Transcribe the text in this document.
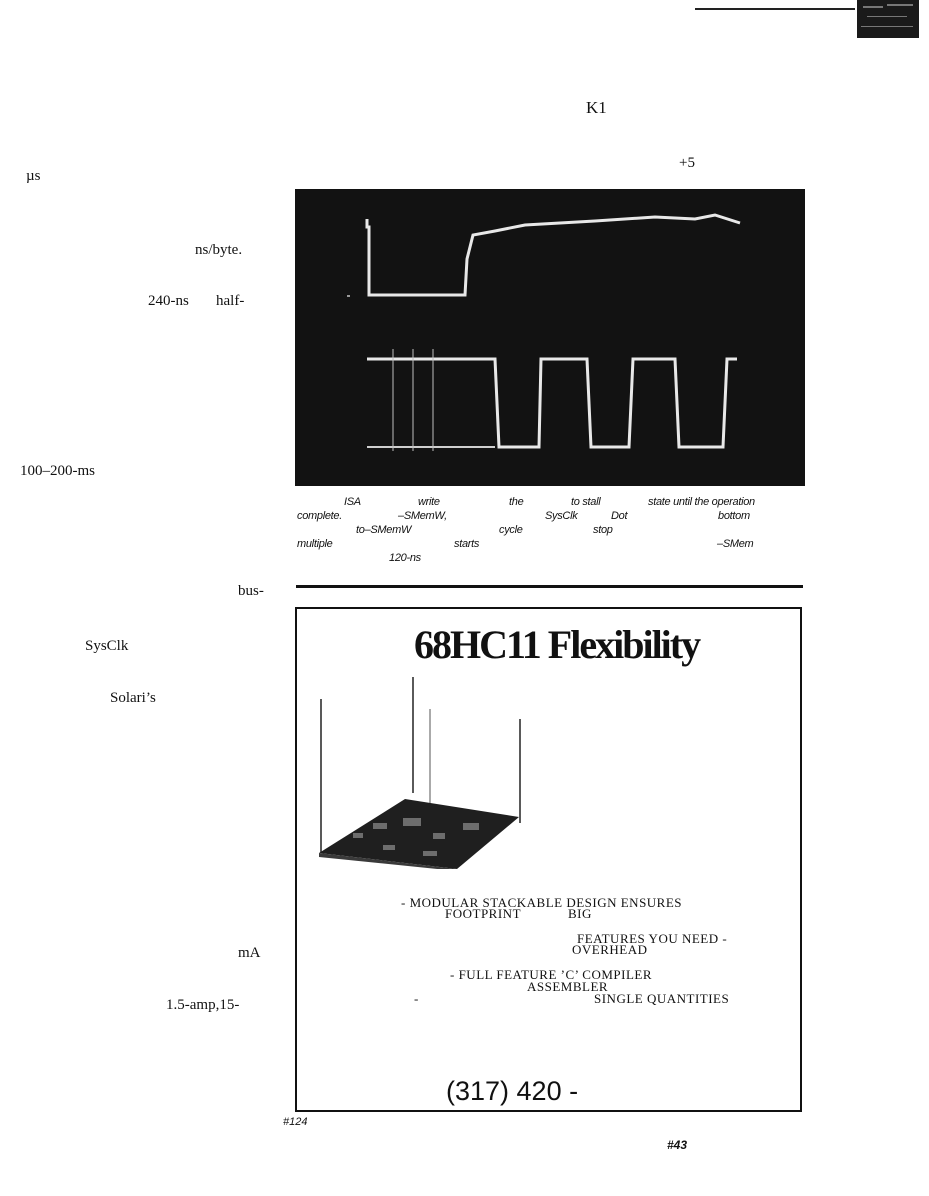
K1
+5
µs
ns/byte.
240-ns half-
100–200-ms
bus-
SysClk
Solari’s
mA
1.5-amp,15-
ISA	write	the	to stall	state until the operation
complete.	–SMemW,	SysClk	Dot	bottom
to–SMemW	cycle	stop
multiple	starts	–SMem
120-ns
68HC11 Flexibility
- MODULAR STACKABLE DESIGN ENSURES
FOOTPRINT	BIG
FEATURES YOU NEED -
OVERHEAD
- FULL FEATURE ’C’ COMPILER
ASSEMBLER
-	SINGLE QUANTITIES
(317) 420 -
#124
#43
